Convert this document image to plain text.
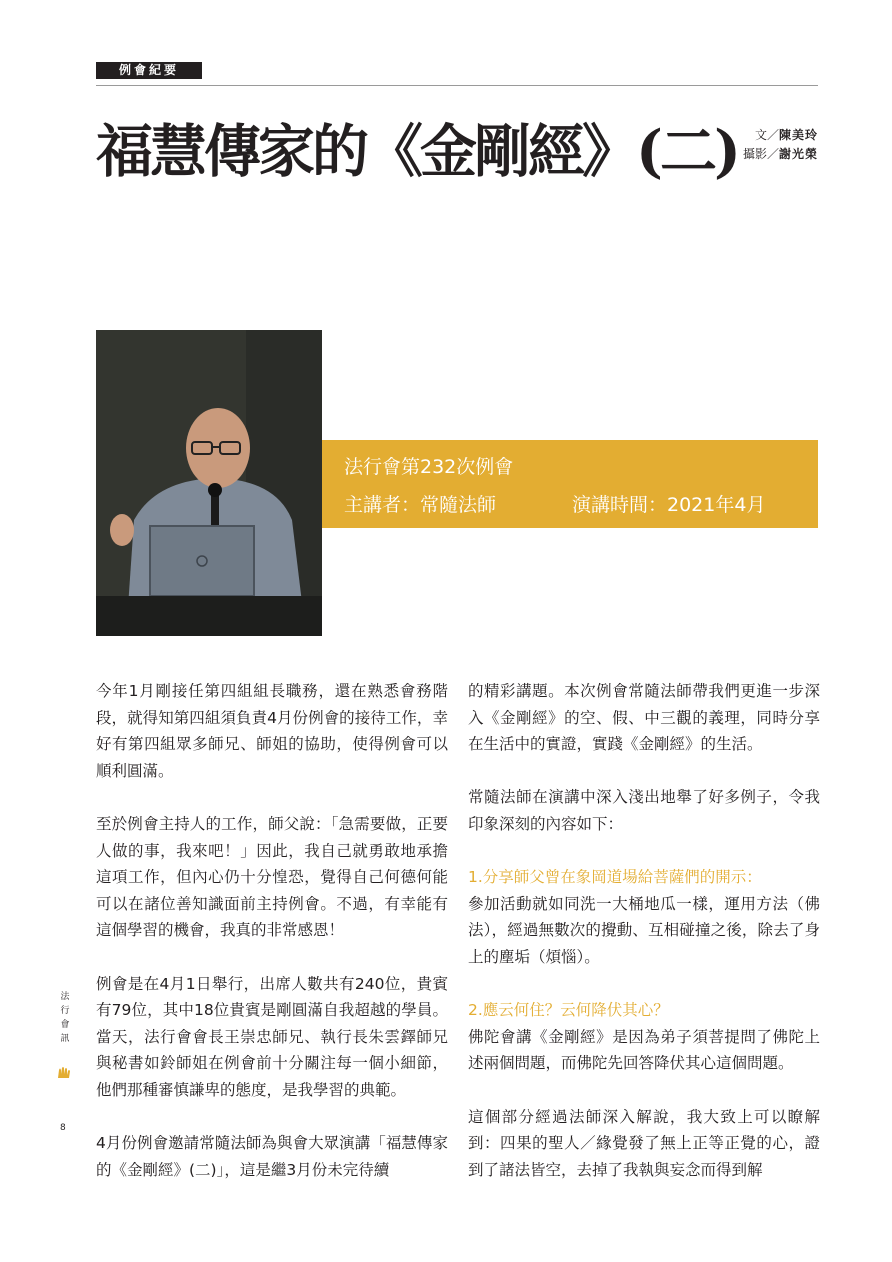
例會紀要
福慧傳家的《金剛經》(二)	文／陳美玲
攝影／謝光榮
法行會第232次例會
主講者：常隨法師	演講時間：2021年4月

今年1月剛接任第四組組長職務，還在熟悉會務階段，就得知第四組須負責4月份例會的接待工作，幸好有第四組眾多師兄、師姐的協助，使得例會可以順利圓滿。

至於例會主持人的工作，師父說：「急需要做，正要人做的事，我來吧！」因此，我自己就勇敢地承擔這項工作，但內心仍十分惶恐，覺得自己何德何能可以在諸位善知識面前主持例會。不過，有幸能有這個學習的機會，我真的非常感恩！

例會是在4月1日舉行，出席人數共有240位，貴賓有79位，其中18位貴賓是剛圓滿自我超越的學員。當天，法行會會長王崇忠師兄、執行長朱雲鐸師兄與秘書如鈴師姐在例會前十分關注每一個小細節，他們那種審慎謙卑的態度，是我學習的典範。

4月份例會邀請常隨法師為與會大眾演講「福慧傳家的《金剛經》(二)」，這是繼3月份未完待續

的精彩講題。本次例會常隨法師帶我們更進一步深入《金剛經》的空、假、中三觀的義理，同時分享在生活中的實證，實踐《金剛經》的生活。

常隨法師在演講中深入淺出地舉了好多例子，令我印象深刻的內容如下：

1.分享師父曾在象岡道場給菩薩們的開示：

參加活動就如同洗一大桶地瓜一樣，運用方法（佛法），經過無數次的攪動、互相碰撞之後，除去了身上的塵垢（煩惱）。

2.應云何住？云何降伏其心？

佛陀會講《金剛經》是因為弟子須菩提問了佛陀上述兩個問題，而佛陀先回答降伏其心這個問題。

這個部分經過法師深入解說，我大致上可以瞭解到：四果的聖人／緣覺發了無上正等正覺的心，證到了諸法皆空，去掉了我執與妄念而得到解

法行會訊
8
